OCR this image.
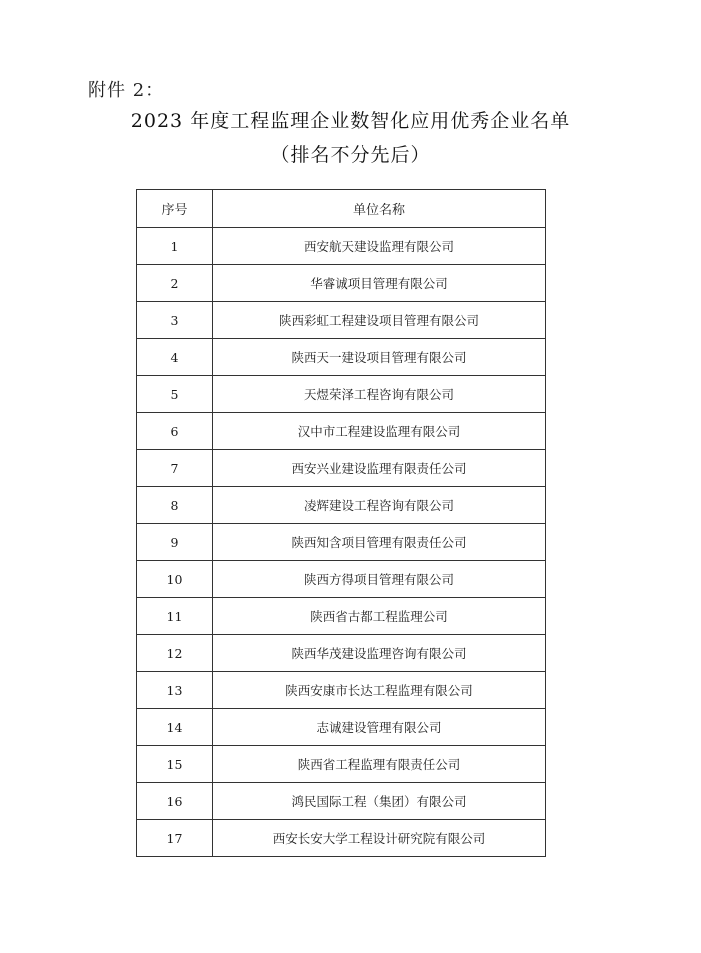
附件 2：
2023 年度工程监理企业数智化应用优秀企业名单
（排名不分先后）
序号	单位名称
1	西安航天建设监理有限公司
2	华睿诚项目管理有限公司
3	陕西彩虹工程建设项目管理有限公司
4	陕西天一建设项目管理有限公司
5	天煜荣泽工程咨询有限公司
6	汉中市工程建设监理有限公司
7	西安兴业建设监理有限责任公司
8	凌辉建设工程咨询有限公司
9	陕西知含项目管理有限责任公司
10	陕西方得项目管理有限公司
11	陕西省古都工程监理公司
12	陕西华茂建设监理咨询有限公司
13	陕西安康市长达工程监理有限公司
14	志诚建设管理有限公司
15	陕西省工程监理有限责任公司
16	鸿民国际工程（集团）有限公司
17	西安长安大学工程设计研究院有限公司
